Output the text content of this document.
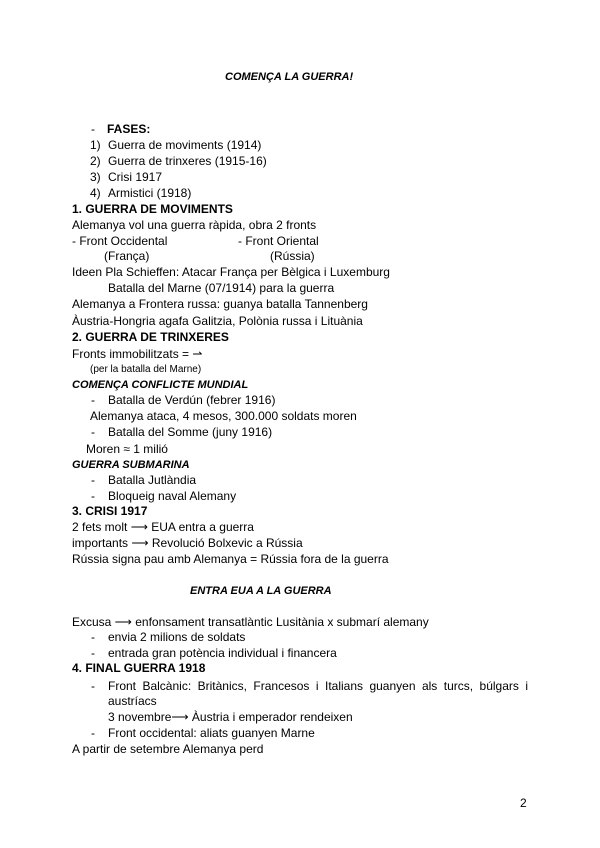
COMENÇA LA GUERRA!
- FASES:
1) Guerra de moviments (1914)
2) Guerra de trinxeres (1915-16)
3) Crisi 1917
4) Armistici (1918)
1. GUERRA DE MOVIMENTS
Alemanya vol una guerra ràpida, obra 2 fronts
- Front Occidental	- Front Oriental
(França)	(Rússia)
Ideen Pla Schieffen: Atacar França per Bèlgica i Luxemburg
Batalla del Marne (07/1914) para la guerra
Alemanya a Frontera russa: guanya batalla Tannenberg
Àustria-Hongria agafa Galitzia, Polònia russa i Lituània
2. GUERRA DE TRINXERES
Fronts immobilitzats = ⇀
(per la batalla del Marne)
COMENÇA CONFLICTE MUNDIAL
- Batalla de Verdún (febrer 1916)
Alemanya ataca, 4 mesos, 300.000 soldats moren
- Batalla del Somme (juny 1916)
Moren ≈ 1 milió
GUERRA SUBMARINA
- Batalla Jutlàndia
- Bloqueig naval Alemany
3. CRISI 1917
2 fets molt ⟶ EUA entra a guerra
importants ⟶ Revolució Bolxevic a Rússia
Rússia signa pau amb Alemanya = Rússia fora de la guerra
ENTRA EUA A LA GUERRA
Excusa ⟶ enfonsament transatlàntic Lusitània x submarí alemany
- envia 2 milions de soldats
- entrada gran potència individual i financera
4. FINAL GUERRA 1918
- Front Balcànic: Britànics, Francesos i Italians guanyen als turcs, búlgars i
austríacs
3 novembre⟶ Àustria i emperador rendeixen
- Front occidental: aliats guanyen Marne
A partir de setembre Alemanya perd
2
